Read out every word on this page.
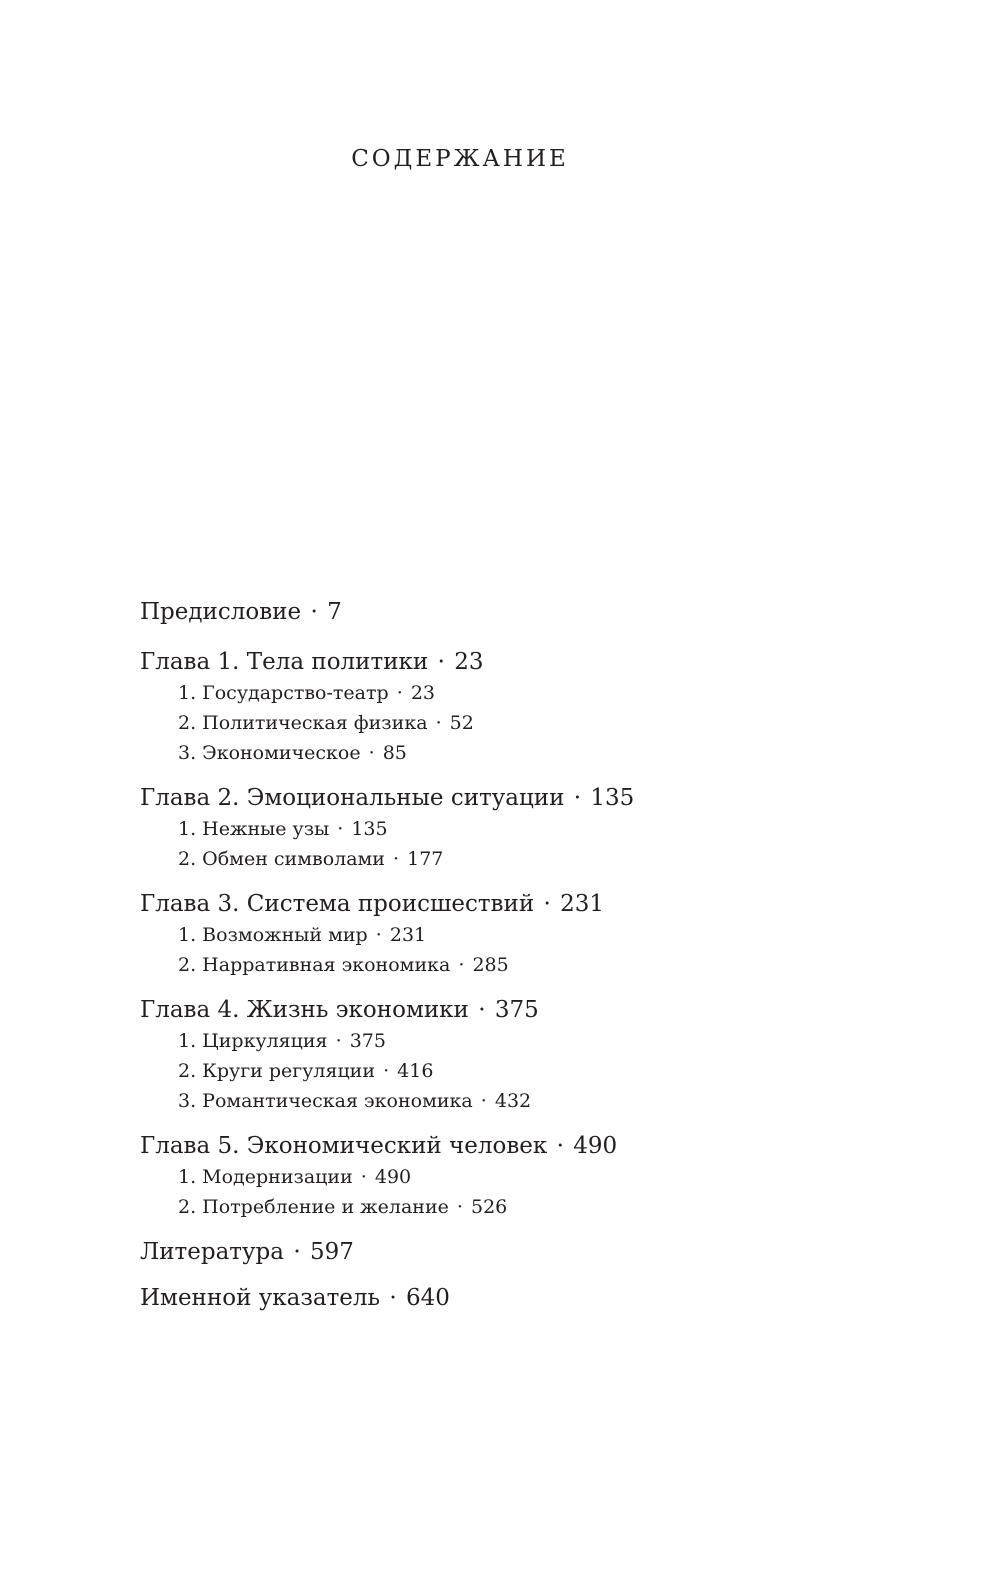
СОДЕРЖАНИЕ
Предисловие · 7
Глава 1. Тела политики · 23
1. Государство-театр · 23
2. Политическая физика · 52
3. Экономическое · 85
Глава 2. Эмоциональные ситуации · 135
1. Нежные узы · 135
2. Обмен символами · 177
Глава 3. Система происшествий · 231
1. Возможный мир · 231
2. Нарративная экономика · 285
Глава 4. Жизнь экономики · 375
1. Циркуляция · 375
2. Круги регуляции · 416
3. Романтическая экономика · 432
Глава 5. Экономический человек · 490
1. Модернизации · 490
2. Потребление и желание · 526
Литература · 597
Именной указатель · 640
